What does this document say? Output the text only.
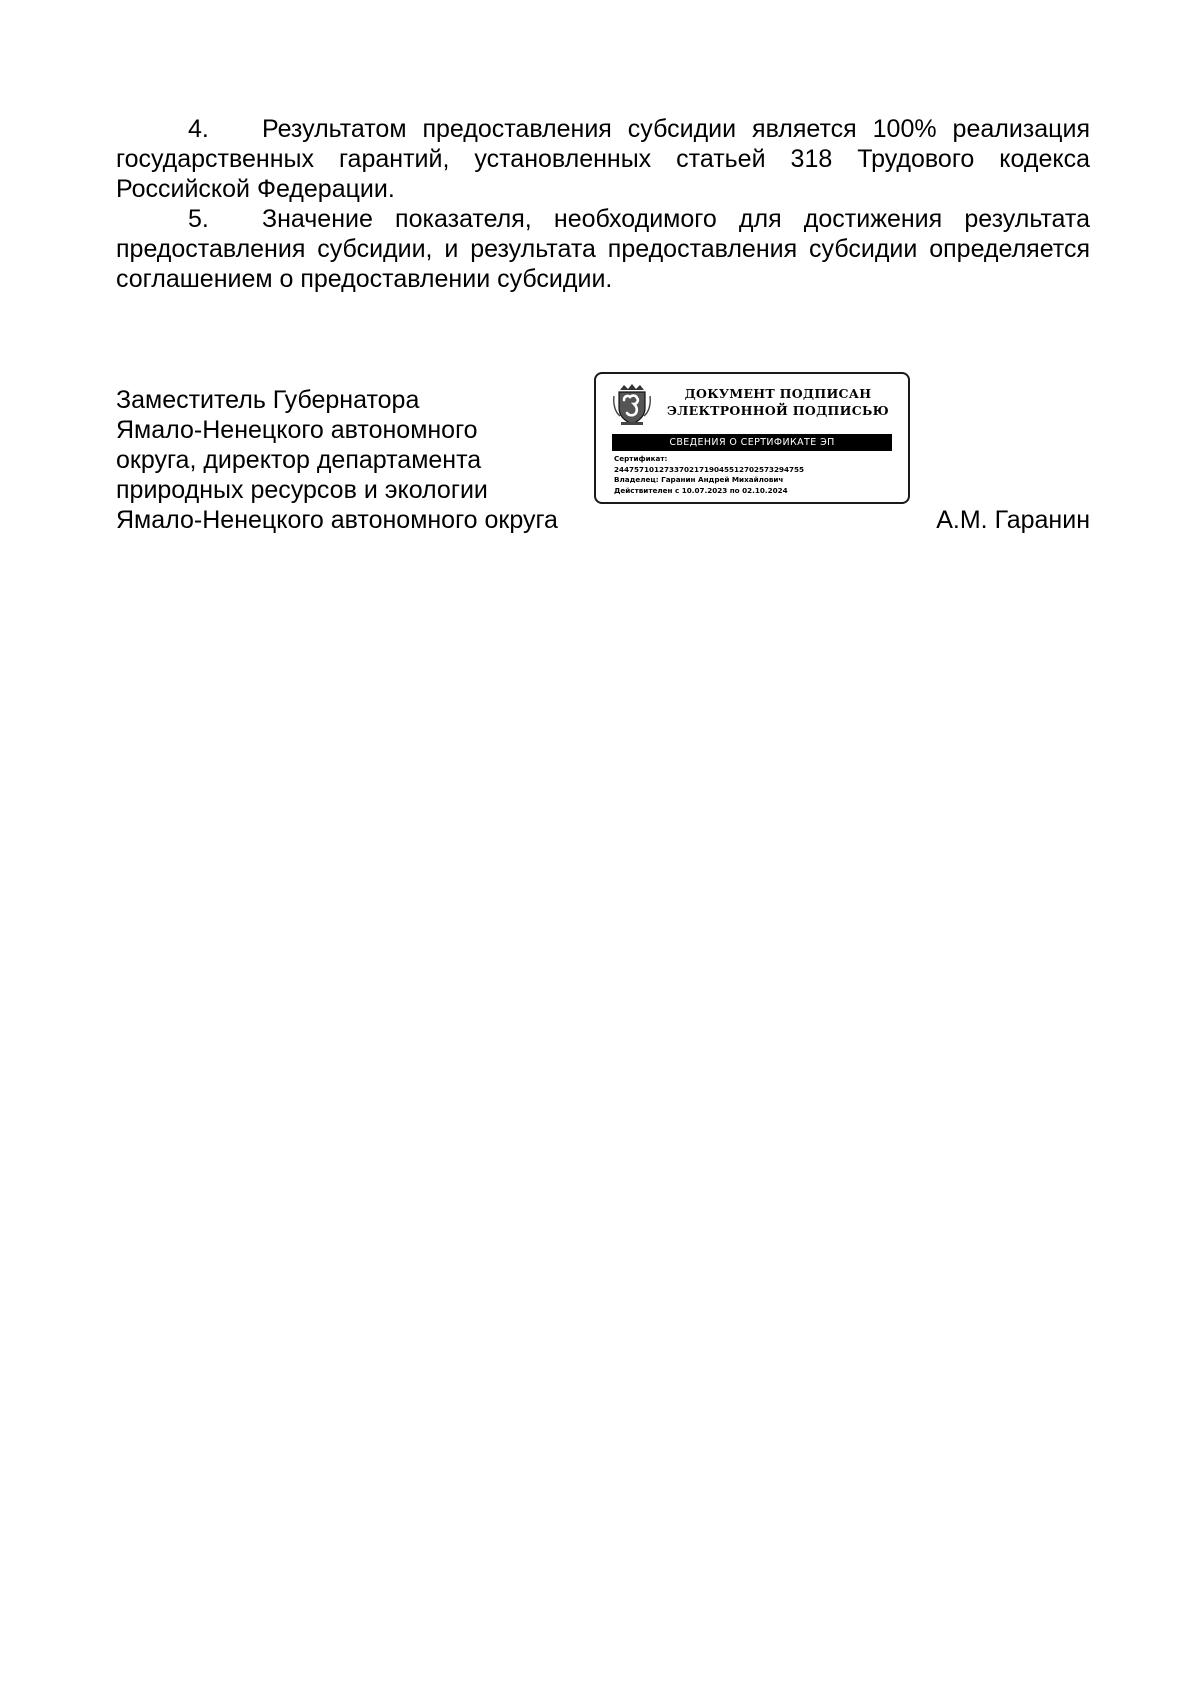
4. Результатом предоставления субсидии является 100% реализация государственных гарантий, установленных статьей 318 Трудового кодекса Российской Федерации.

5. Значение показателя, необходимого для достижения результата предоставления субсидии, и результата предоставления субсидии определяется соглашением о предоставлении субсидии.

Заместитель Губернатора
Ямало-Ненецкого автономного
округа, директор департамента
природных ресурсов и экологии
Ямало-Ненецкого автономного округа
ДОКУМЕНТ ПОДПИСАН
ЭЛЕКТРОННОЙ ПОДПИСЬЮ
СВЕДЕНИЯ О СЕРТИФИКАТЕ ЭП
Сертификат:
24475710127337021719045512702573294755
Владелец: Гаранин Андрей Михайлович
Действителен с 10.07.2023 по 02.10.2024
А.М. Гаранин
